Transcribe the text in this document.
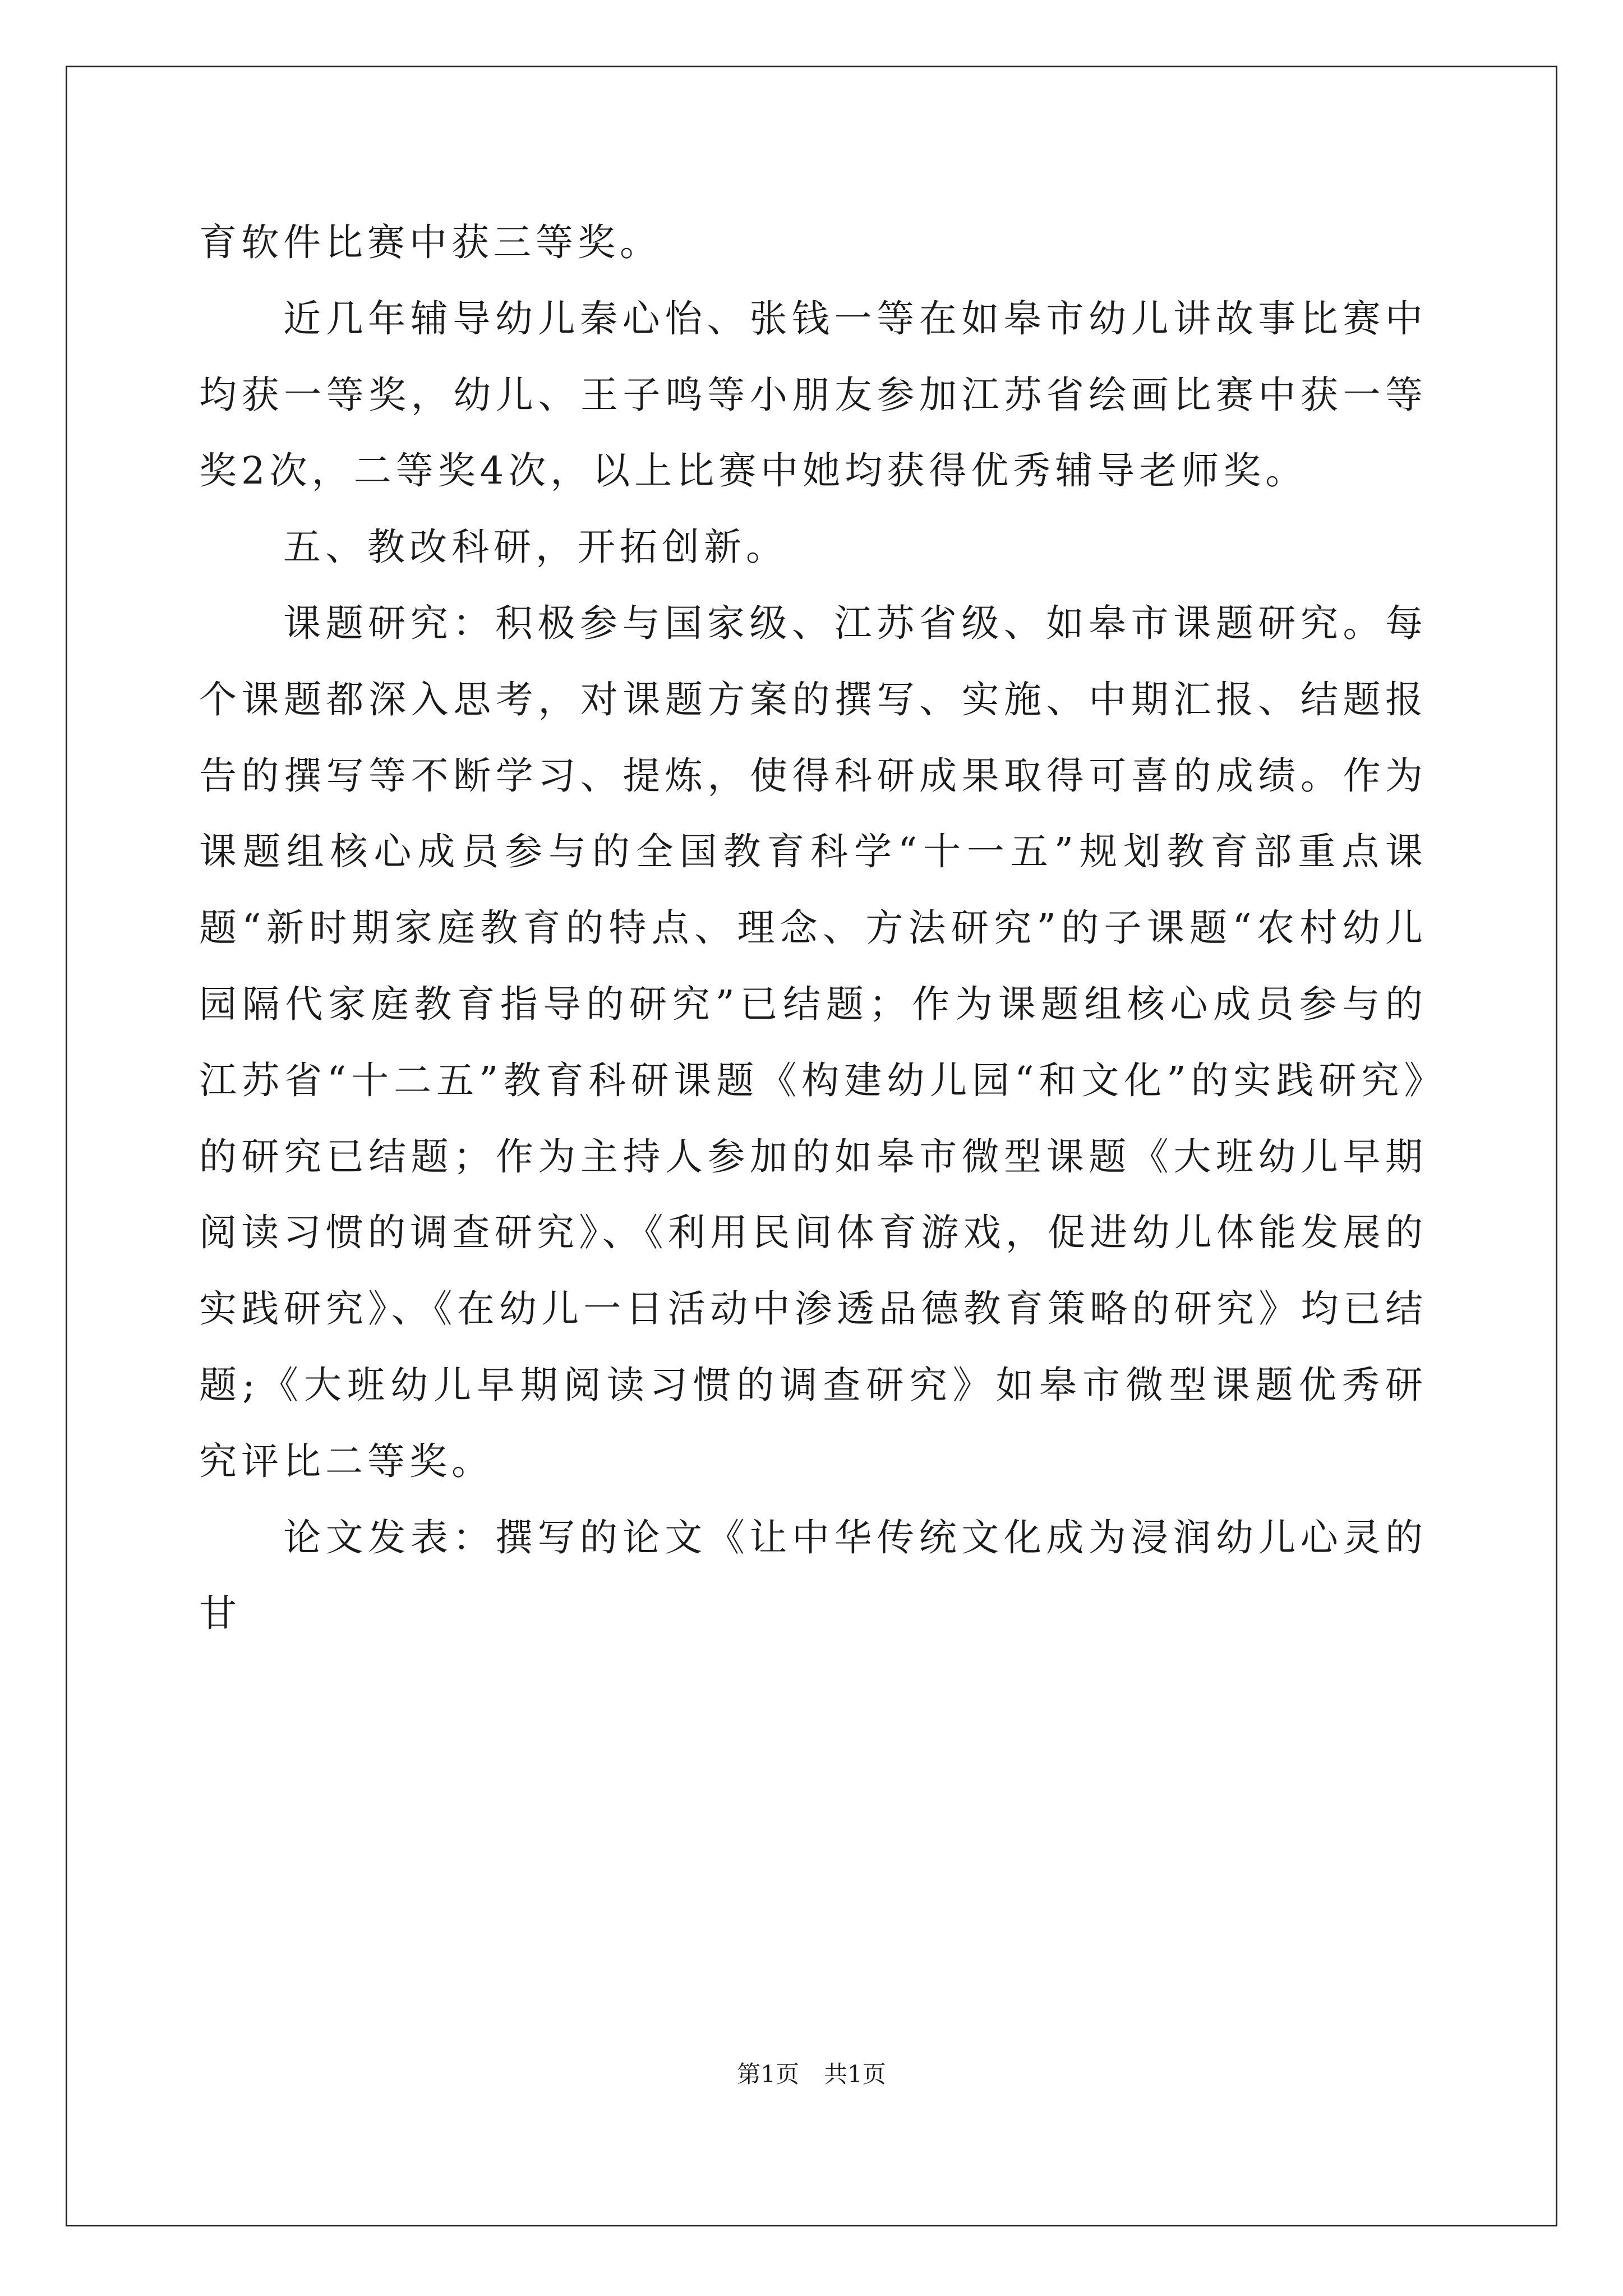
育软件比赛中获三等奖。

近几年辅导幼儿秦心怡、张钱一等在如皋市幼儿讲故事比赛中均获一等奖，幼儿、王子鸣等小朋友参加江苏省绘画比赛中获一等奖2次，二等奖4次，以上比赛中她均获得优秀辅导老师奖。

五、教改科研，开拓创新。

课题研究：积极参与国家级、江苏省级、如皋市课题研究。每个课题都深入思考，对课题方案的撰写、实施、中期汇报、结题报告的撰写等不断学习、提炼，使得科研成果取得可喜的成绩。作为课题组核心成员参与的全国教育科学“十一五”规划教育部重点课题“新时期家庭教育的特点、理念、方法研究”的子课题“农村幼儿园隔代家庭教育指导的研究”已结题；作为课题组核心成员参与的江苏省“十二五”教育科研课题《构建幼儿园“和文化”的实践研究》的研究已结题；作为主持人参加的如皋市微型课题《大班幼儿早期阅读习惯的调查研究》、《利用民间体育游戏，促进幼儿体能发展的实践研究》、《在幼儿一日活动中渗透品德教育策略的研究》均已结题;《大班幼儿早期阅读习惯的调查研究》如皋市微型课题优秀研究评比二等奖。

论文发表：撰写的论文《让中华传统文化成为浸润幼儿心灵的甘

第1页 共1页
